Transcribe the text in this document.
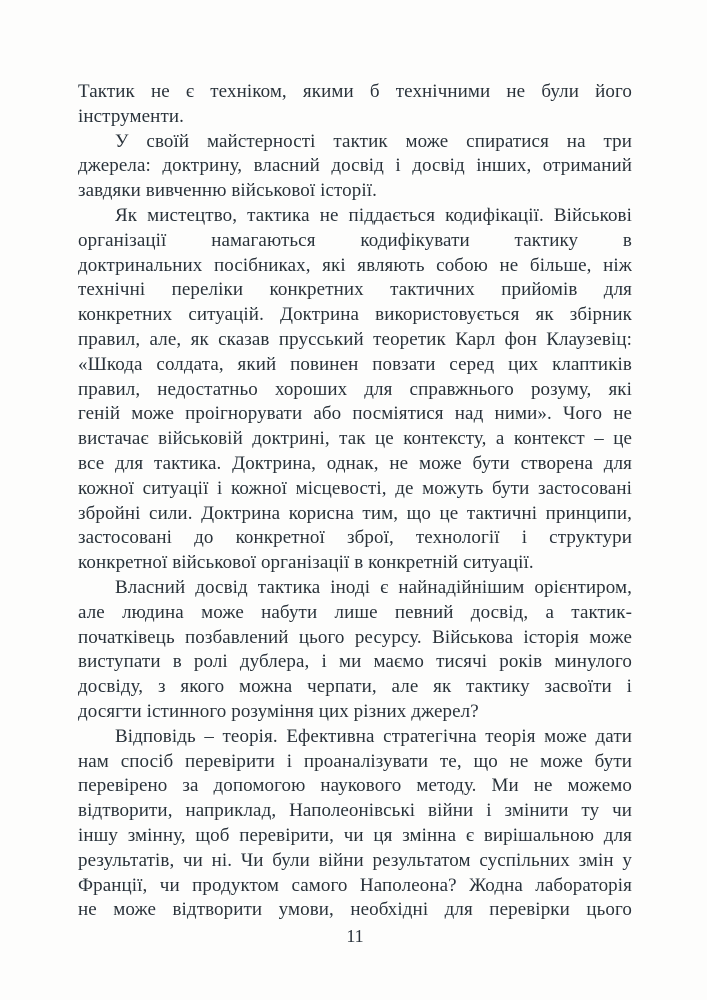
Тактик не є техніком, якими б технічними не були його
інструменти.
У своїй майстерності тактик може спиратися на три
джерела: доктрину, власний досвід і досвід інших, отриманий
завдяки вивченню військової історії.
Як мистецтво, тактика не піддається кодифікації. Військові
організації намагаються кодифікувати тактику в
доктринальних посібниках, які являють собою не більше, ніж
технічні переліки конкретних тактичних прийомів для
конкретних ситуацій. Доктрина використовується як збірник
правил, але, як сказав прусський теоретик Карл фон Клаузевіц:
«Шкода солдата, який повинен повзати серед цих клаптиків
правил, недостатньо хороших для справжнього розуму, які
геній може проігнорувати або посміятися над ними». Чого не
вистачає військовій доктрині, так це контексту, а контекст – це
все для тактика. Доктрина, однак, не може бути створена для
кожної ситуації і кожної місцевості, де можуть бути застосовані
збройні сили. Доктрина корисна тим, що це тактичні принципи,
застосовані до конкретної зброї, технології і структури
конкретної військової організації в конкретній ситуації.
Власний досвід тактика іноді є найнадійнішим орієнтиром,
але людина може набути лише певний досвід, а тактик-
початківець позбавлений цього ресурсу. Військова історія може
виступати в ролі дублера, і ми маємо тисячі років минулого
досвіду, з якого можна черпати, але як тактику засвоїти і
досягти істинного розуміння цих різних джерел?
Відповідь – теорія. Ефективна стратегічна теорія може дати
нам спосіб перевірити і проаналізувати те, що не може бути
перевірено за допомогою наукового методу. Ми не можемо
відтворити, наприклад, Наполеонівські війни і змінити ту чи
іншу змінну, щоб перевірити, чи ця змінна є вирішальною для
результатів, чи ні. Чи були війни результатом суспільних змін у
Франції, чи продуктом самого Наполеона? Жодна лабораторія
не може відтворити умови, необхідні для перевірки цього
11
